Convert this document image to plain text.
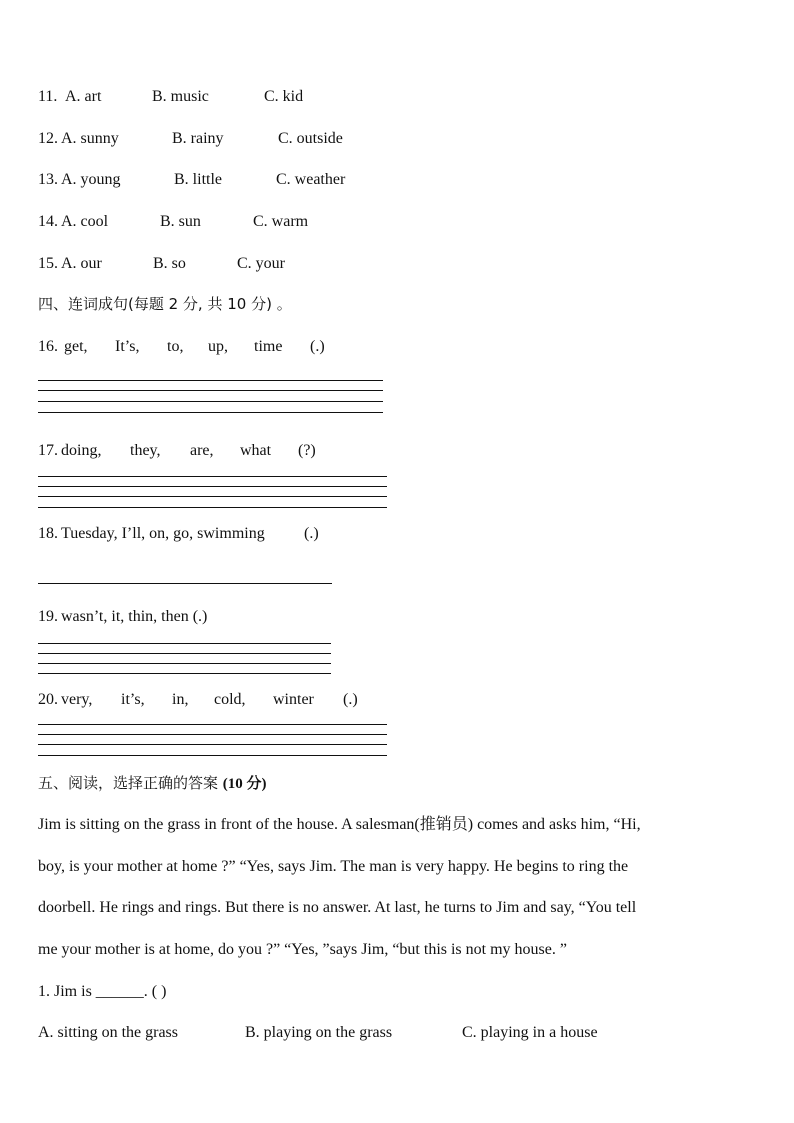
11. A. art	B. music	C. kid
12. A. sunny	B. rainy	C. outside
13. A. young	B. little	C. weather
14. A. cool	B. sun	C. warm
15. A. our	B. so	C. your
四、连词成句(每题 2 分, 共 10 分) 。
16. get, It’s, to, up, time (.)
17. doing, they, are, what (?)
18. Tuesday, I’ll, on, go, swimming (.)
19. wasn’t, it, thin, then (.)
20. very, it’s, in, cold, winter (.)
五、阅读，选择正确的答案 (10 分)
Jim is sitting on the grass in front of the house. A salesman(推销员) comes and asks him, “Hi,
boy, is your mother at home ?” “Yes, says Jim. The man is very happy. He begins to ring the
doorbell. He rings and rings. But there is no answer. At last, he turns to Jim and say, “You tell
me your mother is at home, do you ?” “Yes, ”says Jim, “but this is not my house. ”
1. Jim is ______. ( )
A. sitting on the grass	B. playing on the grass	C. playing in a house
